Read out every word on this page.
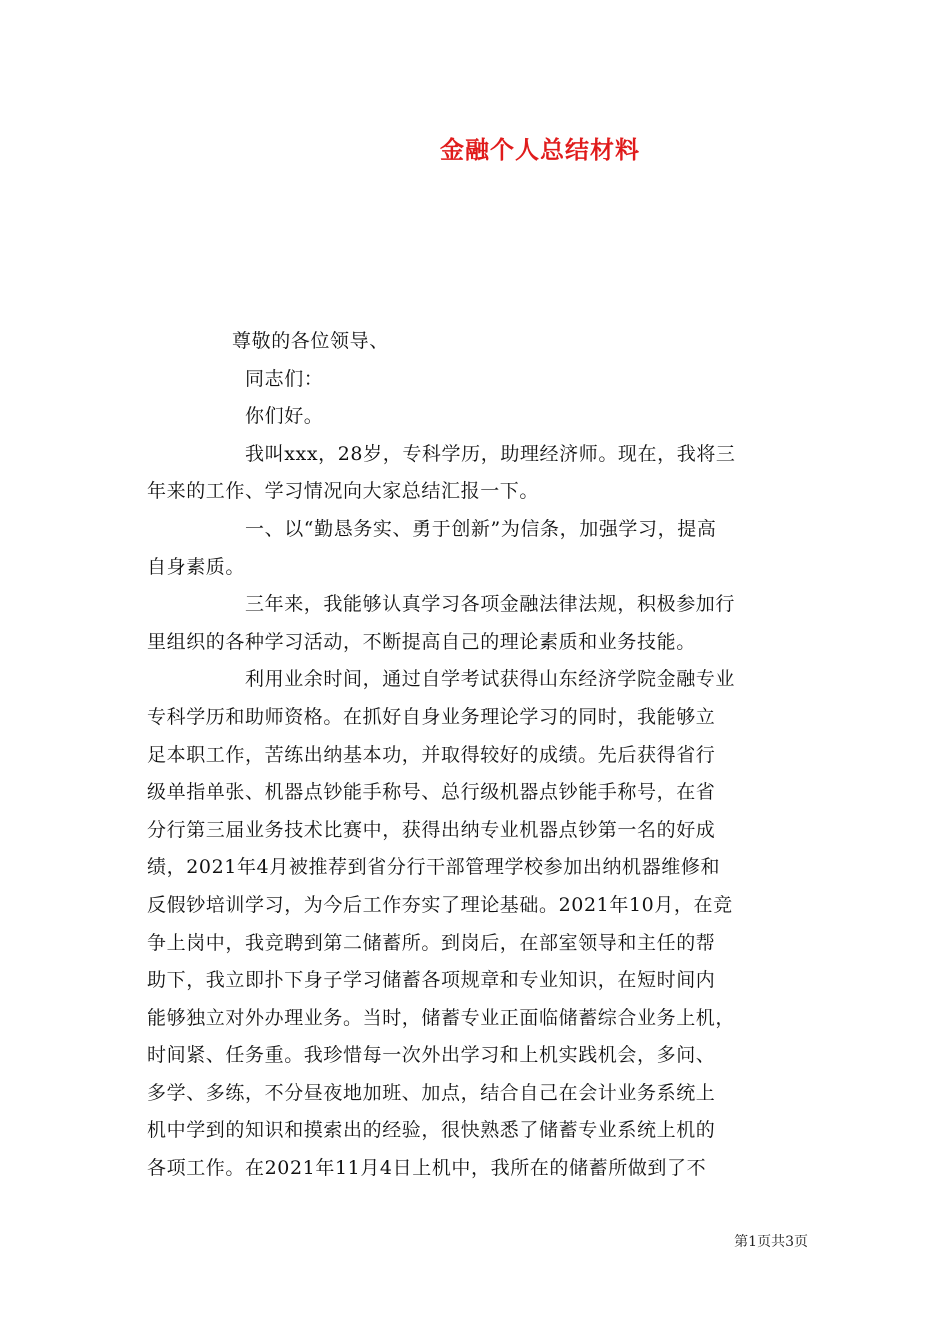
金融个人总结材料
尊敬的各位领导、
同志们：
你们好。
我叫xxx，28岁，专科学历，助理经济师。现在，我将三
年来的工作、学习情况向大家总结汇报一下。
一、以“勤恳务实、勇于创新”为信条，加强学习，提高
自身素质。
三年来，我能够认真学习各项金融法律法规，积极参加行
里组织的各种学习活动，不断提高自己的理论素质和业务技能。
利用业余时间，通过自学考试获得山东经济学院金融专业
专科学历和助师资格。在抓好自身业务理论学习的同时，我能够立
足本职工作，苦练出纳基本功，并取得较好的成绩。先后获得省行
级单指单张、机器点钞能手称号、总行级机器点钞能手称号，在省
分行第三届业务技术比赛中，获得出纳专业机器点钞第一名的好成
绩，2021年4月被推荐到省分行干部管理学校参加出纳机器维修和
反假钞培训学习，为今后工作夯实了理论基础。2021年10月，在竞
争上岗中，我竞聘到第二储蓄所。到岗后，在部室领导和主任的帮
助下，我立即扑下身子学习储蓄各项规章和专业知识，在短时间内
能够独立对外办理业务。当时，储蓄专业正面临储蓄综合业务上机，
时间紧、任务重。我珍惜每一次外出学习和上机实践机会，多问、
多学、多练，不分昼夜地加班、加点，结合自己在会计业务系统上
机中学到的知识和摸索出的经验，很快熟悉了储蓄专业系统上机的
各项工作。在2021年11月4日上机中，我所在的储蓄所做到了不
第1页共3页
